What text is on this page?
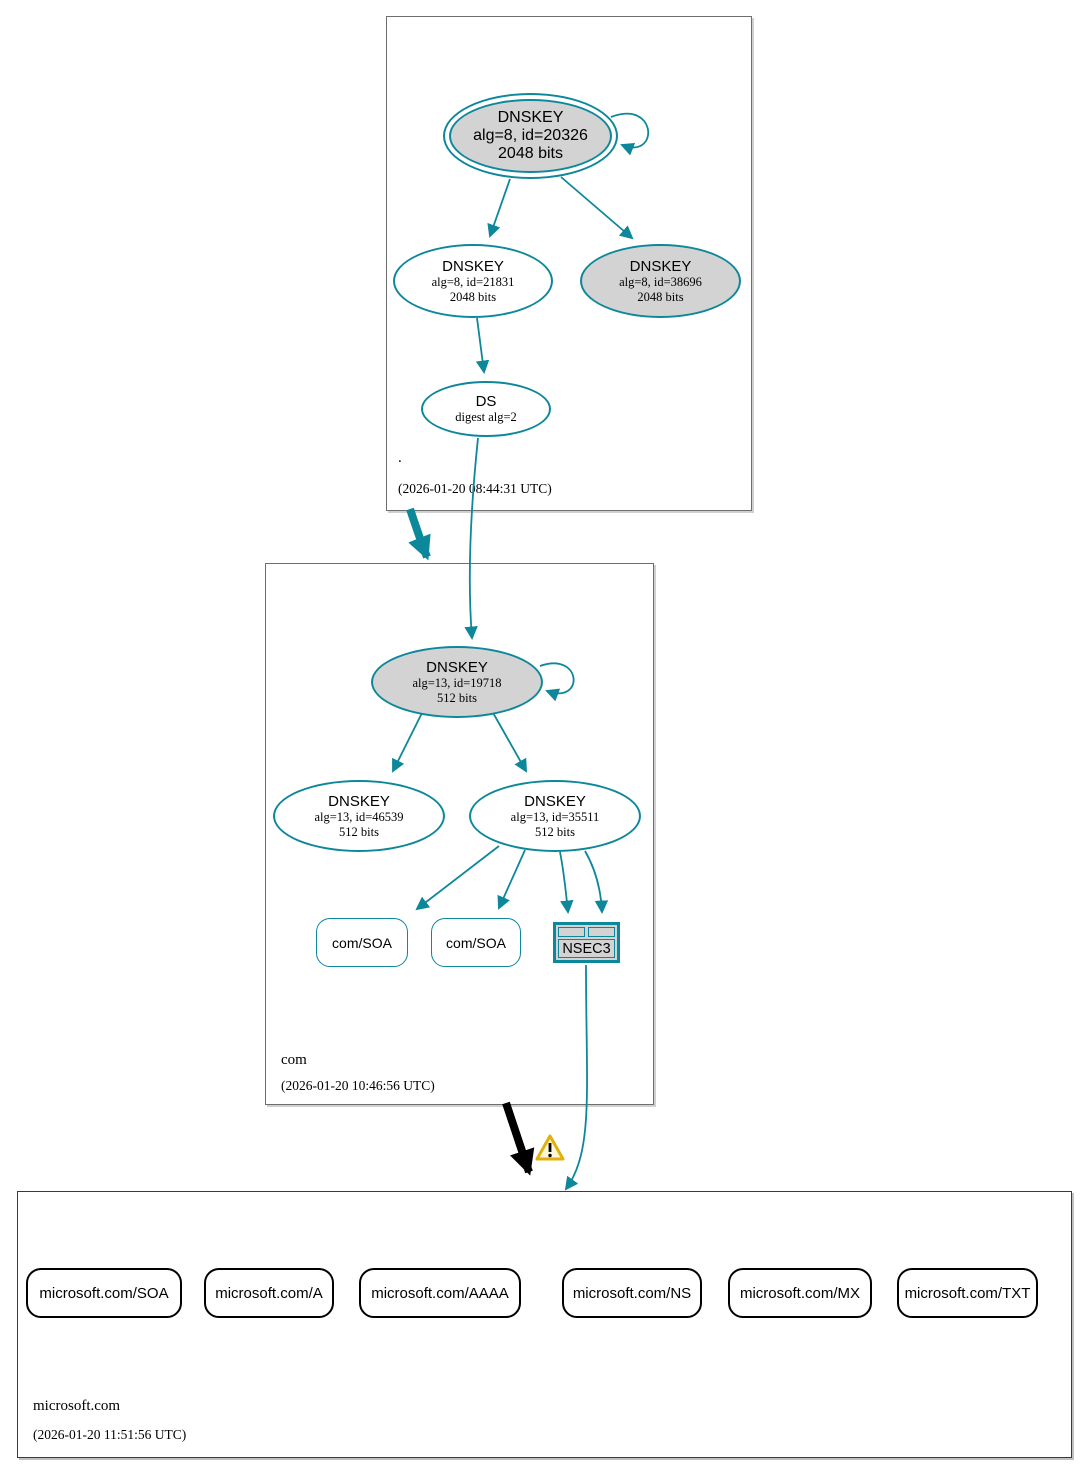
.
(2026-01-20 08:44:31 UTC)
com
(2026-01-20 10:46:56 UTC)
microsoft.com
(2026-01-20 11:51:56 UTC)
DNSKEY
alg=8, id=20326
2048 bits
DNSKEY
alg=8, id=21831
2048 bits
DNSKEY
alg=8, id=38696
2048 bits
DS
digest alg=2
DNSKEY
alg=13, id=19718
512 bits
DNSKEY
alg=13, id=46539
512 bits
DNSKEY
alg=13, id=35511
512 bits
com/SOA	com/SOA	NSEC3
microsoft.com/SOA	microsoft.com/A	microsoft.com/AAAA	microsoft.com/NS	microsoft.com/MX	microsoft.com/TXT
